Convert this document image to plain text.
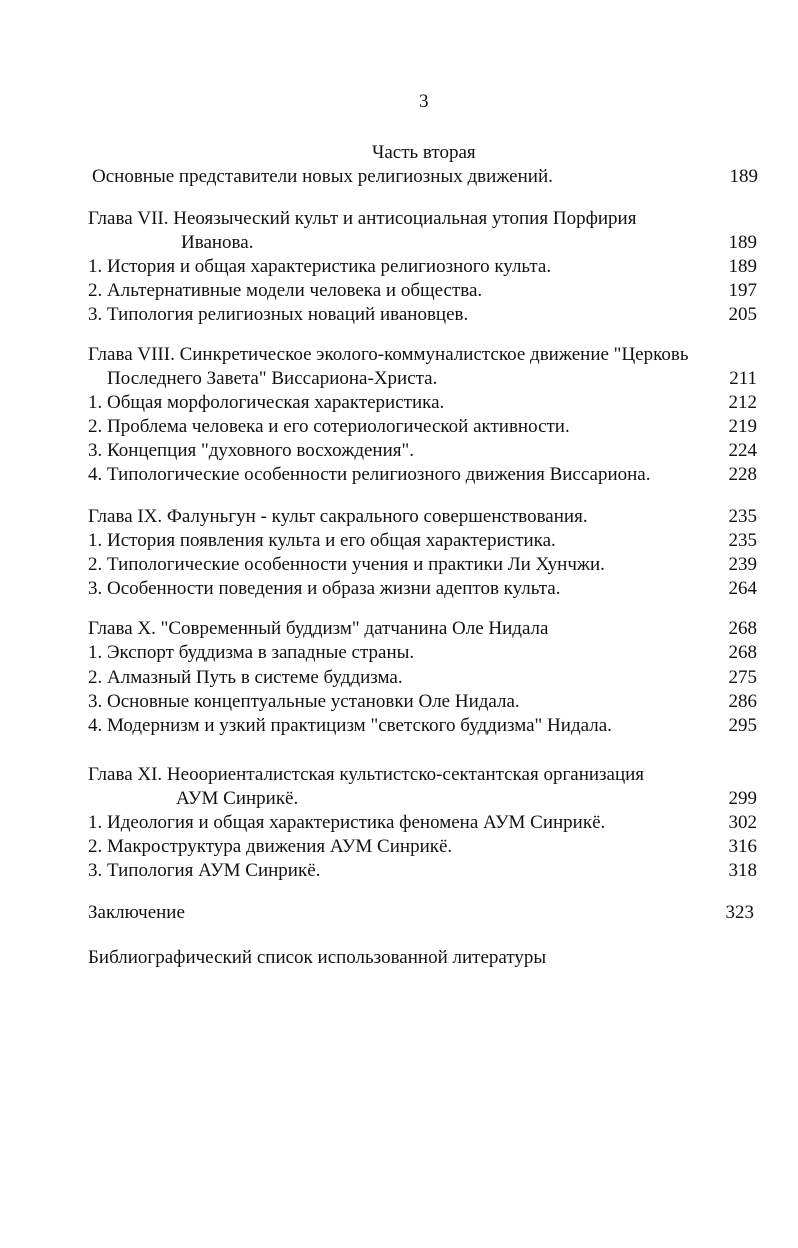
3
Часть вторая
Основные представители новых религиозных движений.	189
Глава VII. Неоязыческий культ и антисоциальная утопия Порфирия
Иванова.	189
1. История и общая характеристика религиозного культа.	189
2. Альтернативные модели человека и общества.	197
3. Типология религиозных новаций ивановцев.	205
Глава VIII. Синкретическое эколого-коммуналистское движение "Церковь
Последнего Завета" Виссариона-Христа.	211
1. Общая морфологическая характеристика.	212
2. Проблема человека и его сотериологической активности.	219
3. Концепция "духовного восхождения".	224
4. Типологические особенности религиозного движения Виссариона.	228
Глава IX. Фалуньгун - культ сакрального совершенствования.	235
1. История появления культа и его общая характеристика.	235
2. Типологические особенности учения и практики Ли Хунчжи.	239
3. Особенности поведения и образа жизни адептов культа.	264
Глава X. "Современный буддизм" датчанина Оле Нидала	268
1. Экспорт буддизма в западные страны.	268
2. Алмазный Путь в системе буддизма.	275
3. Основные концептуальные установки Оле Нидала.	286
4. Модернизм и узкий практицизм "светского буддизма" Нидала.	295
Глава XI. Неоориенталистская культистско-сектантская организация
АУМ Синрикё.	299
1. Идеология и общая характеристика феномена АУМ Синрикё.	302
2. Макроструктура движения АУМ Синрикё.	316
3. Типология АУМ Синрикё.	318
Заключение	323
Библиографический список использованной литературы
